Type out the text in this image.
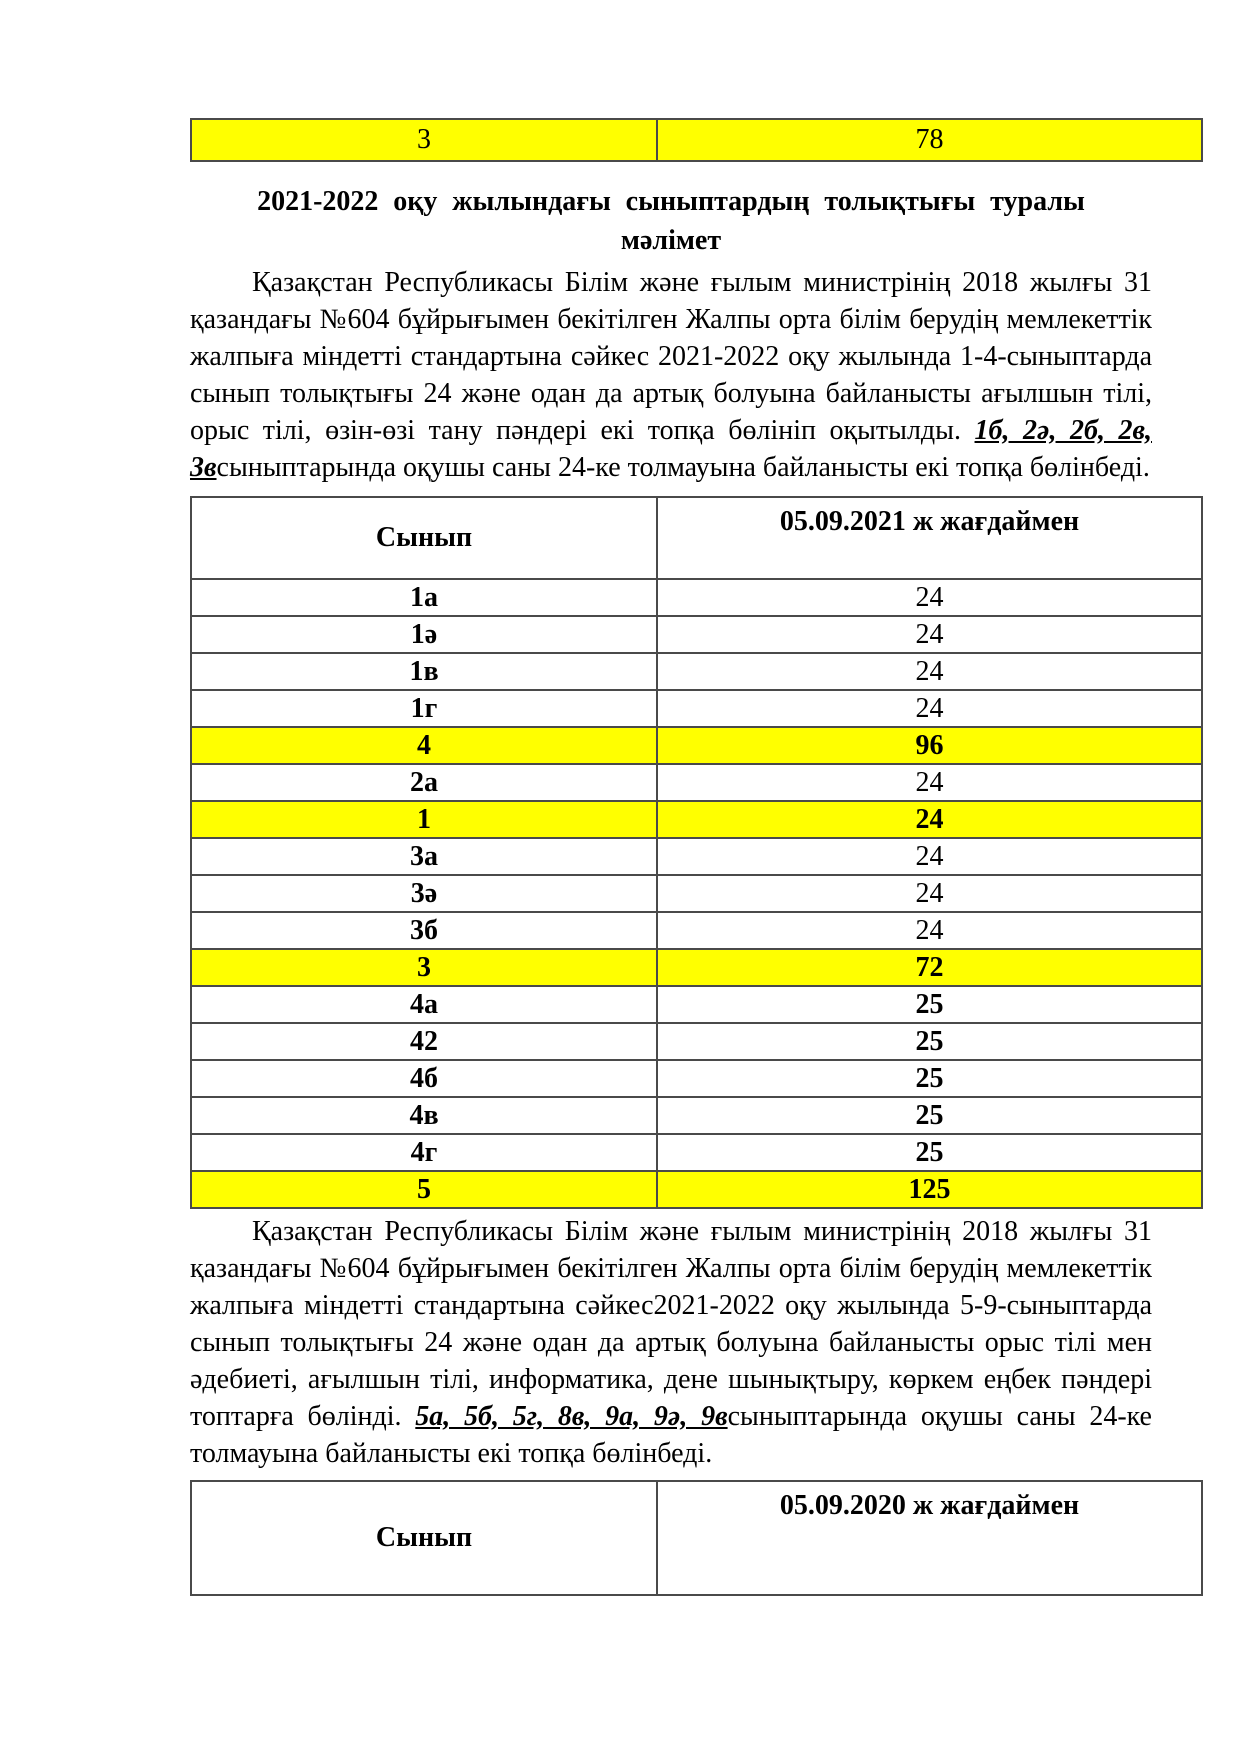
3	78
2021-2022 оқу жылындағы сыныптардың толықтығы туралы
мәлімет

Қазақстан Республикасы Білім және ғылым министрінің 2018 жылғы 31 қазандағы №604 бұйрығымен бекітілген Жалпы орта білім берудің мемлекеттік жалпыға міндетті стандартына сәйкес 2021-2022 оқу жылында 1-4-сыныптарда сынып толықтығы 24 және одан да артық болуына байланысты ағылшын тілі, орыс тілі, өзін-өзі тану пәндері екі топқа бөлініп оқытылды. 1б, 2ә, 2б, 2в, 3всыныптарында оқушы саны 24-ке толмауына байланысты екі топқа бөлінбеді.

Сынып	05.09.2021 ж жағдаймен
1а	24
1ә	24
1в	24
1г	24
4	96
2а	24
1	24
3а	24
3ә	24
3б	24
3	72
4а	25
42	25
4б	25
4в	25
4г	25
5	125

Қазақстан Республикасы Білім және ғылым министрінің 2018 жылғы 31 қазандағы №604 бұйрығымен бекітілген Жалпы орта білім берудің мемлекеттік жалпыға міндетті стандартына сәйкес2021-2022 оқу жылында 5-9-сыныптарда сынып толықтығы 24 және одан да артық болуына байланысты орыс тілі мен әдебиеті, ағылшын тілі, информатика, дене шынықтыру, көркем еңбек пәндері топтарға бөлінді. 5а, 5б, 5г, 8в, 9а, 9ә, 9всыныптарында оқушы саны 24-ке толмауына байланысты екі топқа бөлінбеді.

Сынып	05.09.2020 ж жағдаймен
